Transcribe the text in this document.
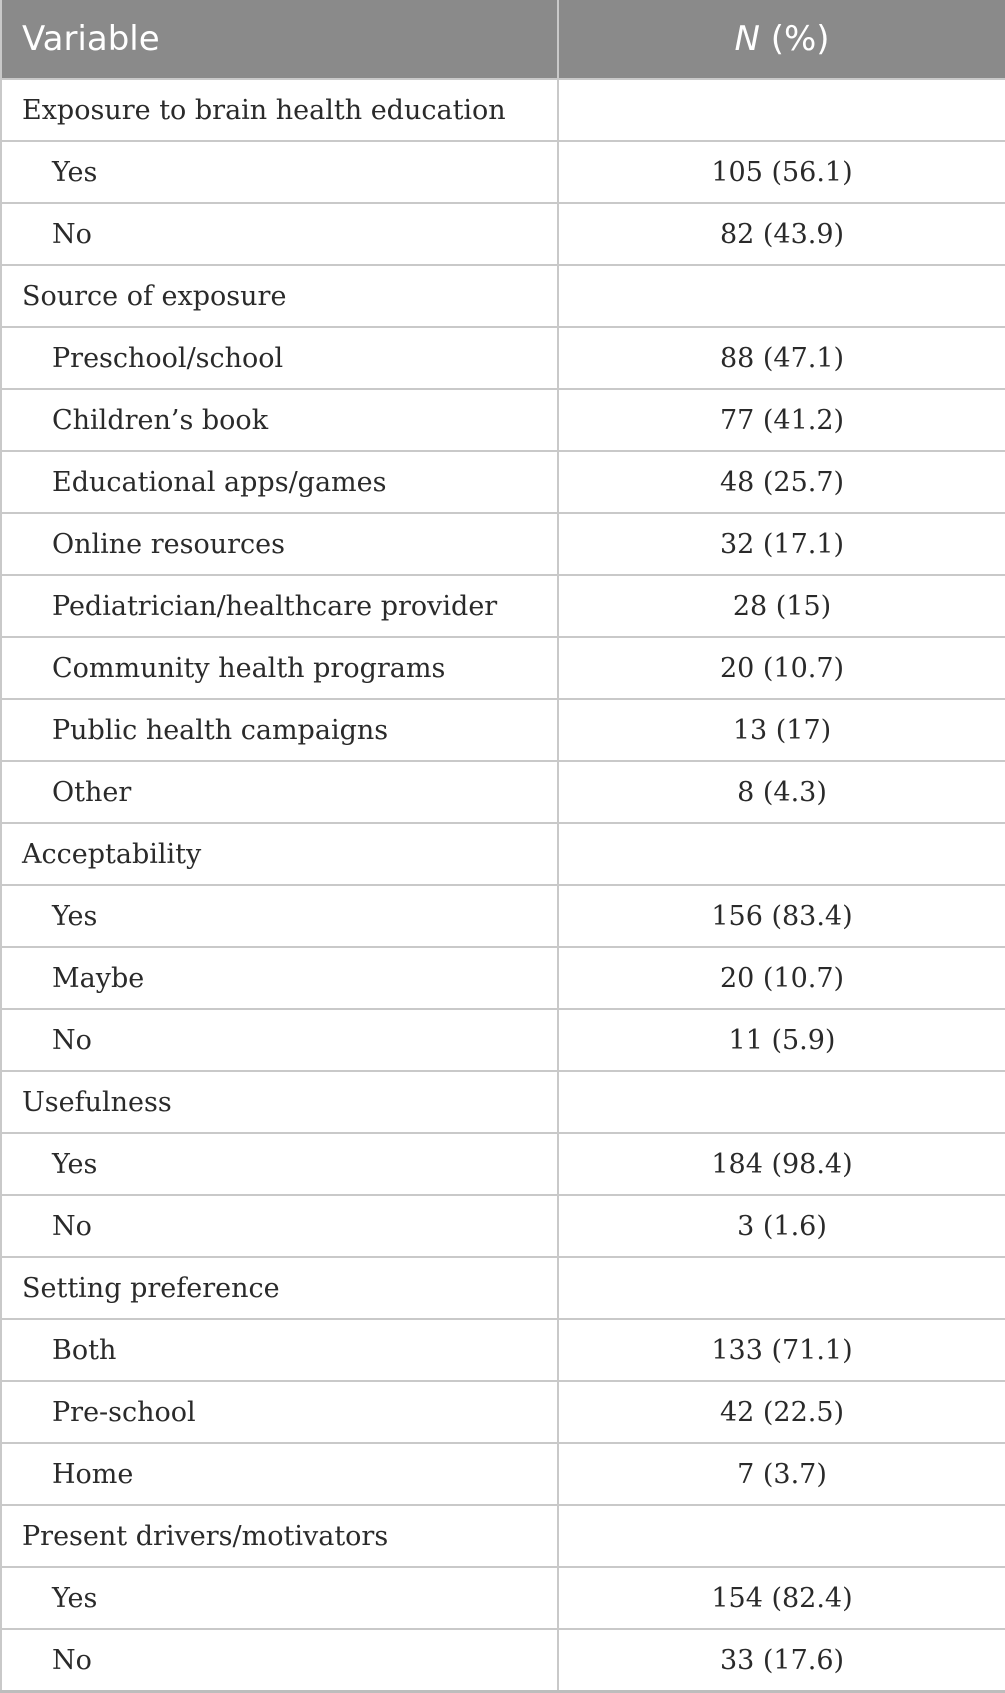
Variable	N (%)
Exposure to brain health education	
Yes	105 (56.1)
No	82 (43.9)
Source of exposure	
Preschool/school	88 (47.1)
Children’s book	77 (41.2)
Educational apps/games	48 (25.7)
Online resources	32 (17.1)
Pediatrician/healthcare provider	28 (15)
Community health programs	20 (10.7)
Public health campaigns	13 (17)
Other	8 (4.3)
Acceptability	
Yes	156 (83.4)
Maybe	20 (10.7)
No	11 (5.9)
Usefulness	
Yes	184 (98.4)
No	3 (1.6)
Setting preference	
Both	133 (71.1)
Pre-school	42 (22.5)
Home	7 (3.7)
Present drivers/motivators	
Yes	154 (82.4)
No	33 (17.6)
